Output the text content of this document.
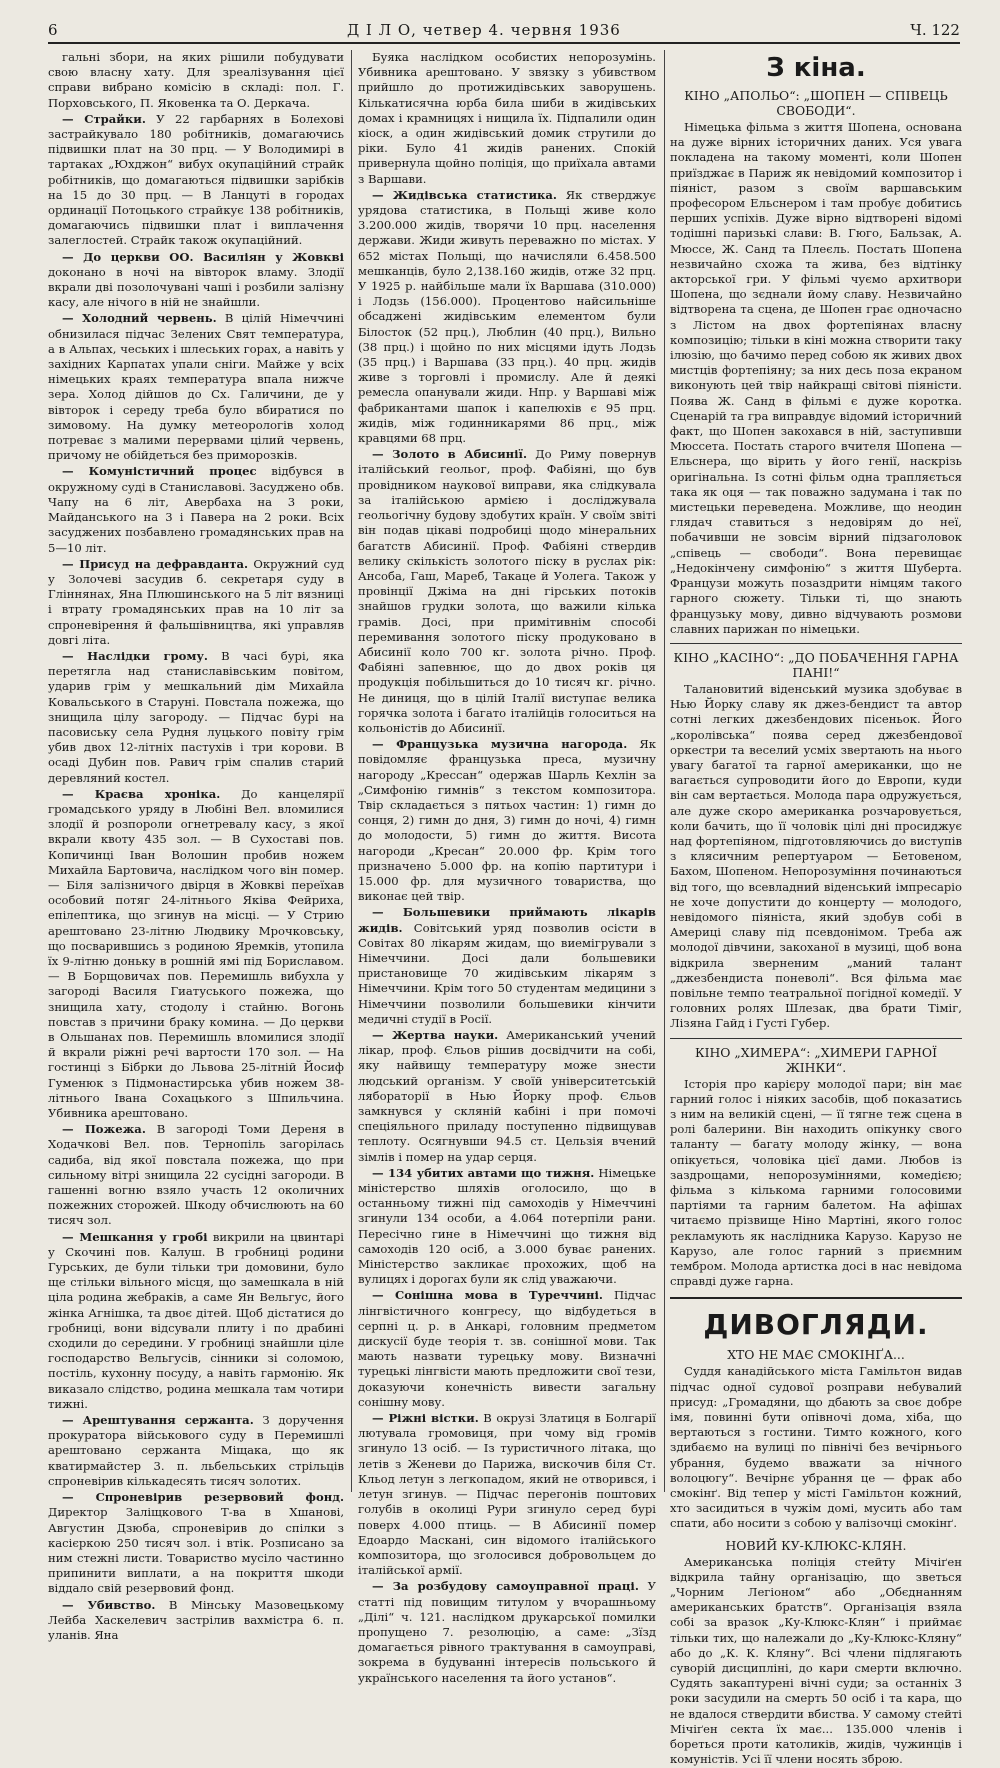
6	Д І Л О, четвер 4. червня 1936	Ч. 122

гальні збори, на яких рішили побудувати свою власну хату. Для зреалізування цієї справи вибрано комісію в складі: пол. Г. Порховського, П. Яковенка та О. Деркача.

— Страйки. У 22 гарбарнях в Болехові застрайкувало 180 робітників, домагаючись підвишки плат на 30 прц. — У Володимирі в тартаках „Юхджон“ вибух окупаційний страйк робітників, що домагаються підвишки зарібків на 15 до 30 прц. — В Ланцуті в городах ординації Потоцького страйкує 138 робітників, домагаючись підвишки плат і виплачення залеглостей. Страйк також окупаційний.

— До церкви ОО. Василіян у Жовкві доконано в ночі на вівторок вламу. Злодії вкрали дві позолочувані чаші і розбили залізну касу, але нічого в ній не знайшли.

— Холодний червень. В цілій Німеччині обнизилася підчас Зелених Свят температура, а в Альпах, чеських і шлеських горах, а навіть у західних Карпатах упали сніги. Майже у всіх німецьких краях температура впала нижче зера. Холод дійшов до Сх. Галичини, де у вівторок і середу треба було вбиратися по зимовому. На думку метеорологів холод потреває з малими перервами цілий червень, причому не обійдеться без приморозків.

— Комуністичний процес відбувся в окружному суді в Станиславові. Засуджено обв. Чапу на 6 літ, Авербаха на 3 роки, Майданського на 3 і Павера на 2 роки. Всіх засуджених позбавлено громадянських прав на 5—10 літ.

— Присуд на дефравданта. Окружний суд у Золочеві засудив б. секретаря суду в Гліннянах, Яна Плюшинського на 5 літ вязниці і втрату громадянських прав на 10 літ за спроневірення й фальшівництва, які управляв довгі літа.

— Наслідки грому. В часі бурі, яка перетягла над станиславівським повітом, ударив грім у мешкальний дім Михайла Ковальського в Старуні. Повстала пожежа, що знищила цілу загороду. — Підчас бурі на пасовиську села Рудня луцького повіту грім убив двох 12-літніх пастухів і три корови. В осаді Дубин пов. Равич грім спалив старий деревляний костел.

— Краєва хроніка. До канцелярії громадського уряду в Любіні Вел. вломилися злодії й розпороли огнетревалу касу, з якої вкрали квоту 435 зол. — В Сухоставі пов. Копичинці Іван Волошин пробив ножем Михайла Бартовича, наслідком чого він помер. — Біля залізничого двірця в Жовкві переїхав особовий потяг 24-літнього Яківа Фейриха, епілептика, що згинув на місці. — У Стрию арештовано 23-літню Людвику Мрочковську, що посварившись з родиною Яремків, утопила їх 9-літню доньку в рошній ямі під Бориславом. — В Борщовичах пов. Перемишль вибухла у загороді Василя Гиатуського пожежа, що знищила хату, стодолу і стайню. Вогонь повстав з причини браку комина. — До церкви в Ольшанах пов. Перемишль вломилися злодії й вкрали ріжні речі вартости 170 зол. — На гостинці з Бібрки до Львова 25-літній Йосиф Гуменюк з Підмонастирська убив ножем 38-літнього Івана Сохацького з Шпильчина. Убивника арештовано.

— Пожежа. В загороді Томи Дереня в Ходачкові Вел. пов. Тернопіль загорілась садиба, від якої повстала пожежа, що при сильному вітрі знищила 22 сусідні загороди. В гашенні вогню взяло участь 12 околичних пожежних сторожей. Шкоду обчислюють на 60 тисяч зол.

— Мешкання у гробі викрили на цвинтарі у Скочині пов. Калуш. В гробниці родини Гурських, де були тільки три домовини, було ще стільки вільного місця, що замешкала в ній ціла родина жебраків, а саме Ян Вельгус, його жінка Агнішка, та двоє дітей. Щоб дістатися до гробниці, вони відсували плиту і по драбині сходили до середини. У гробниці знайшли ціле господарство Вельгусів, сінники зі соломою, постіль, кухонну посуду, а навіть гармонію. Як виказало слідство, родина мешкала там чотири тижні.

— Арештування сержанта. З доручення прокуратора військового суду в Перемишлі арештовано сержанта Міщака, що як кватирмайстер 3. п. льбельських стрільців спроневірив кількадесять тисяч золотих.

— Спроневірив резервовий фонд. Директор Заліщкового Т-ва в Хшанові, Августин Дзюба, спроневірив до спілки з касієркою 250 тисяч зол. і втік. Розписано за ним стежні листи. Товариство мусіло частинно припинити виплати, а на покриття шкоди віддало свій резервовий фонд.

— Убивство. В Мінську Мазовецькому Лейба Хаскелевич застрілив вахмістра 6. п. уланів. Яна

Буяка наслідком особистих непорозумінь. Убивника арештовано. У звязку з убивством прийшло до протижидівських заворушень. Кількатисячна юрба била шиби в жидівських домах і крамницях і нищила їх. Підпалили один кіоск, а один жидівський домик струтили до ріки. Було 41 жидів ранених. Спокій привернула щойно поліція, що приїхала автами з Варшави.

— Жидівська статистика. Як стверджує урядова статистика, в Польщі живе коло 3.200.000 жидів, творячи 10 прц. населення держави. Жиди живуть переважно по містах. У 652 містах Польщі, що начисляли 6.458.500 мешканців, було 2,138.160 жидів, отже 32 прц. У 1925 р. найбільше мали їх Варшава (310.000) і Лодзь (156.000). Процентово найсильніше обсаджені жидівським елементом були Білосток (52 прц.), Люблин (40 прц.), Вильно (38 прц.) і щойно по них місцями ідуть Лодзь (35 прц.) і Варшава (33 прц.). 40 прц. жидів живе з торговлі і промислу. Але й деякі ремесла опанували жиди. Нпр. у Варшаві між фабрикантами шапок і капелюхів є 95 прц. жидів, між годинникарями 86 прц., між кравцями 68 прц.

— Золото в Абисинії. До Риму повернув італійський геольог, проф. Фабіяні, що був провідником наукової виправи, яка слідкувала за італійською армією і досліджувала геольогічну будову здобутих країн. У своїм звіті він подав цікаві подробиці щодо мінеральних багатств Абисинії. Проф. Фабіяні ствердив велику скількість золотого піску в руслах рік: Ансоба, Гаш, Мареб, Такаце й Уолега. Також у провінції Джіма на дні гірських потоків знайшов грудки золота, що важили кілька грамів. Досі, при примітивнім способі перемивання золотого піску продуковано в Абисинії коло 700 кг. золота річно. Проф. Фабіяні запевнює, що до двох років ця продукція побільшиться до 10 тисяч кг. річно. Не диниця, що в цілій Італії виступає велика горячка золота і багато італійців голоситься на кольоністів до Абисинії.

— Французька музична нагорода. Як повідомляє французька преса, музичну нагороду „Кресcан“ одержав Шарль Кехлін за „Симфонію гимнів“ з текстом композитора. Твір складається з пятьох частин: 1) гимн до сонця, 2) гимн до дня, 3) гимн до ночі, 4) гимн до молодости, 5) гимн до життя. Висота нагороди „Кресан“ 20.000 фр. Крім того призначено 5.000 фр. на копію партитури і 15.000 фр. для музичного товариства, що виконає цей твір.

— Большевики приймають лікарів жидів. Совітський уряд позволив осісти в Совітах 80 лікарям жидам, що виемігрували з Німеччини. Досі дали большевики пристановище 70 жидівським лікарям з Німеччини. Крім того 50 студентам медицини з Німеччини позволили большевики кінчити медичні студії в Росії.

— Жертва науки. Американський учений лікар, проф. Єльов рішив досвідчити на собі, яку найвищу температуру може знести людський організм. У своїй університетській лябораторії в Нью Йорку проф. Єльов замкнувся у скляній кабіні і при помочі спеціяльного приладу поступенно підвищував теплоту. Осягнувши 94.5 ст. Цельзія вчений зімлів і помер на удар серця.

— 134 убитих автами що тижня. Німецьке міністерство шляхів оголосило, що в останньому тижні під самоходів у Німеччині згинули 134 особи, а 4.064 потерпіли рани. Пересічно гине в Німеччині що тижня від самоходів 120 осіб, а 3.000 буває ранених. Міністерство закликає прохожих, щоб на вулицях і дорогах були як слід уважаючи.

— Сонішна мова в Туреччині. Підчас лінгвістичного конгресу, що відбудеться в серпні ц. р. в Анкарі, головним предметом дискусії буде теорія т. зв. сонішної мови. Так мають назвати турецьку мову. Визначні турецькі лінгвісти мають предложити свої тези, доказуючи конечність вивести загальну сонішну мову.

— Ріжні вістки. В окрузі Златиця в Болгарії лютувала громовиця, при чому від громів згинуло 13 осіб. — Із туристичного літака, що летів з Женеви до Парижа, вискочив біля Ст. Кльод летун з легкопадом, який не отворився, і летун згинув. — Підчас перегонів поштових голубів в околиці Рури згинуло серед бурі поверх 4.000 птиць. — В Абисинії помер Едоардо Маскані, син відомого італійського композитора, що зголосився добровольцем до італійської армії.

— За розбудову самоуправної праці. У статті під повищим титулом у вчорашньому „Ділі“ ч. 121. наслідком друкарської помилки пропущено 7. резолюцію, а саме: „Зїзд домагається рівного трактування в самоуправі, зокрема в будуванні інтересів польського й українського населення та його установ“.

З кіна.
КІНО „АПОЛЬО“: „ШОПЕН — СПІВЕЦЬ СВОБОДИ“.

Німецька фільма з життя Шопена, основана на дуже вірних історичних даних. Уся увага покладена на такому моменті, коли Шопен приїзджає в Париж як невідомий композитор і піяніст, разом з своїм варшавським професором Ельснером і там пробує добитись перших успіхів. Дуже вірно відтворені відомі тодішні паризькі слави: В. Гюго, Бальзак, А. Мюссе, Ж. Санд та Плеєль. Постать Шопена незвичайно схожа та жива, без відтінку акторської гри. У фільмі чуємо архитвори Шопена, що зєднали йому славу. Незвичайно відтворена та сцена, де Шопен грає одночасно з Лістом на двох фортепіянах власну композицію; тільки в кіні можна створити таку ілюзію, що бачимо перед собою як живих двох мистців фортепіяну; за них десь поза екраном виконують цей твір найкращі світові піяністи. Поява Ж. Санд в фільмі є дуже коротка. Сценарій та гра виправдує відомий історичний факт, що Шопен закохався в ній, заступивши Мюссета. Постать старого вчителя Шопена — Ельснера, що вірить у його генії, наскрізь оригінальна. Із сотні фільм одна трапляється така як оця — так поважно задумана і так по мистецьки переведена. Можливе, що неодин глядач ставиться з недовірям до неї, побачивши не зовсім вірний підзаголовок „співець — свободи“. Вона перевищає „Недокінчену симфонію“ з життя Шуберта. Французи можуть позаздрити німцям такого гарного сюжету. Тільки ті, що знають французьку мову, дивно відчувають розмови славних парижан по німецьки.

КІНО „КАСІНО“: „ДО ПОБАЧЕННЯ ГАРНА ПАНІ!“

Талановитий віденський музика здобуває в Нью Йорку славу як джез-бендист та автор сотні легких джезбендових пісеньок. Його „королівська“ поява серед джезбендової оркестри та веселий усміх звертають на нього увагу багатої та гарної американки, що не вагається супроводити його до Европи, куди він сам вертається. Молода пара одружується, але дуже скоро американка розчаровується, коли бачить, що її чоловік цілі дні просиджує над фортепіяном, підготовляючись до виступів з клясичним репертуаром — Бетовеном, Бахом, Шопеном. Непорозуміння починаються від того, що всевладний віденський імпресаріо не хоче допустити до концерту — молодого, невідомого піяніста, який здобув собі в Америці славу під псевдонімом. Треба аж молодої дівчини, закоханої в музиці, щоб вона відкрила зверненим „маний талант „джезбендиста поневолі“. Вся фільма має повільне темпо театральної погідної комедії. У головних ролях Шлезак, два брати Тіміг, Лізяна Гайд і Густі Губер.

КІНО „ХИМЕРА“: „ХИМЕРИ ГАРНОЇ ЖІНКИ“.

Історія про карієру молодої пари; він має гарний голос і ніяких засобів, щоб показатись з ним на великій сцені, — її тягне теж сцена в ролі балерини. Він находить опікунку свого таланту — багату молоду жінку, — вона опікується, чоловіка цієї дами. Любов із заздрощами, непорозуміннями, комедією; фільма з кількома гарними голосовими партіями та гарним балетом. На афішах читаємо прізвище Ніно Мартіні, якого голос рекламують як наслідника Карузо. Карузо не Карузо, але голос гарний з приємним тембром. Молода артистка досі в нас невідома справді дуже гарна.

ДИВОГЛЯДИ.
ХТО НЕ МАЄ СМОКІНҐА...

Суддя канадійського міста Гамільтон видав підчас одної судової розправи небувалий присуд: „Громадяни, що дбають за своє добре імя, повинні бути опівночі дома, хіба, що вертаються з гостини. Тимто кожного, кого здибаємо на вулиці по північі без вечірнього убрання, будемо вважати за нічного волоцюгу“. Вечірнє убрання це — фрак або смокінґ. Від тепер у місті Гамільтон кожний, хто засидиться в чужім домі, мусить або там спати, або носити з собою у валізочці смокінґ.

НОВИЙ КУ-КЛЮКС-КЛЯН.

Американська поліція стейту Мічіґен відкрила тайну організацію, що зветься „Чорним Легіоном“ або „Обєднанням американських братств“. Організація взяла собі за вразок „Ку-Клюкс-Клян“ і приймає тільки тих, що належали до „Ку-Клюкс-Кляну“ або до „К. К. Кляну“. Всі члени підлягають суворій дисципліні, до кари смерти включно. Судять закаптурені вічні суди; за останніх 3 роки засудили на смерть 50 осіб і та кара, що не вдалося ствердити вбиства. У самому стейті Мічіґен секта їх має... 135.000 членів і бореться проти католиків, жидів, чужинців і комуністів. Усі її члени носять зброю.
